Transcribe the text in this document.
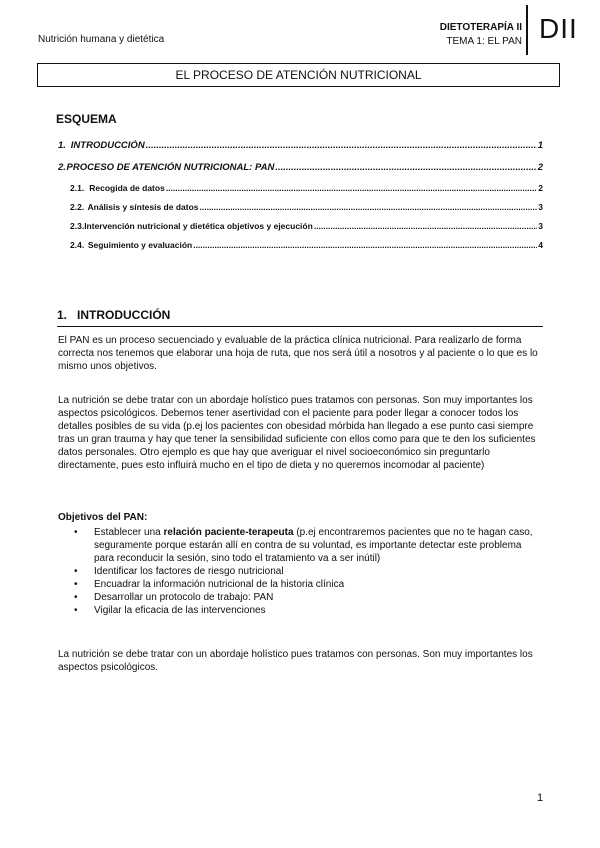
Nutrición humana y dietética
DIETOTERAPÍA II
TEMA 1: EL PAN DII
EL PROCESO DE ATENCIÓN NUTRICIONAL
ESQUEMA
1. INTRODUCCIÓN .....	1
2. PROCESO DE ATENCIÓN NUTRICIONAL: PAN .....	2
2.1. Recogida de datos .....	2
2.2. Análisis y síntesis de datos .....	3
2.3. Intervención nutricional y dietética objetivos y ejecución .....	3
2.4. Seguimiento y evaluación .....	4
1. INTRODUCCIÓN
El PAN es un proceso secuenciado y evaluable de la práctica clínica nutricional. Para realizarlo de forma correcta nos tenemos que elaborar una hoja de ruta, que nos será útil a nosotros y al paciente o lo que es lo mismo unos objetivos.
La nutrición se debe tratar con un abordaje holístico pues tratamos con personas. Son muy importantes los aspectos psicológicos. Debemos tener asertividad con el paciente para poder llegar a conocer todos los detalles posibles de su vida (p.ej los pacientes con obesidad mórbida han llegado a ese punto casi siempre tras un gran trauma y hay que tener la sensibilidad suficiente con ellos como para que te den los suficientes datos personales. Otro ejemplo es que hay que averiguar el nivel socioeconómico sin preguntarlo directamente, pues esto influirá mucho en el tipo de dieta y no queremos incomodar al paciente)
Objetivos del PAN:
• Establecer una relación paciente-terapeuta (p.ej encontraremos pacientes que no te hagan caso, seguramente porque estarán allí en contra de su voluntad, es importante detectar este problema para reconducir la sesión, sino todo el tratamiento va a ser inútil)
• Identificar los factores de riesgo nutricional
• Encuadrar la información nutricional de la historia clínica
• Desarrollar un protocolo de trabajo: PAN
• Vigilar la eficacia de las intervenciones
La nutrición se debe tratar con un abordaje holístico pues tratamos con personas. Son muy importantes los aspectos psicológicos.
1
